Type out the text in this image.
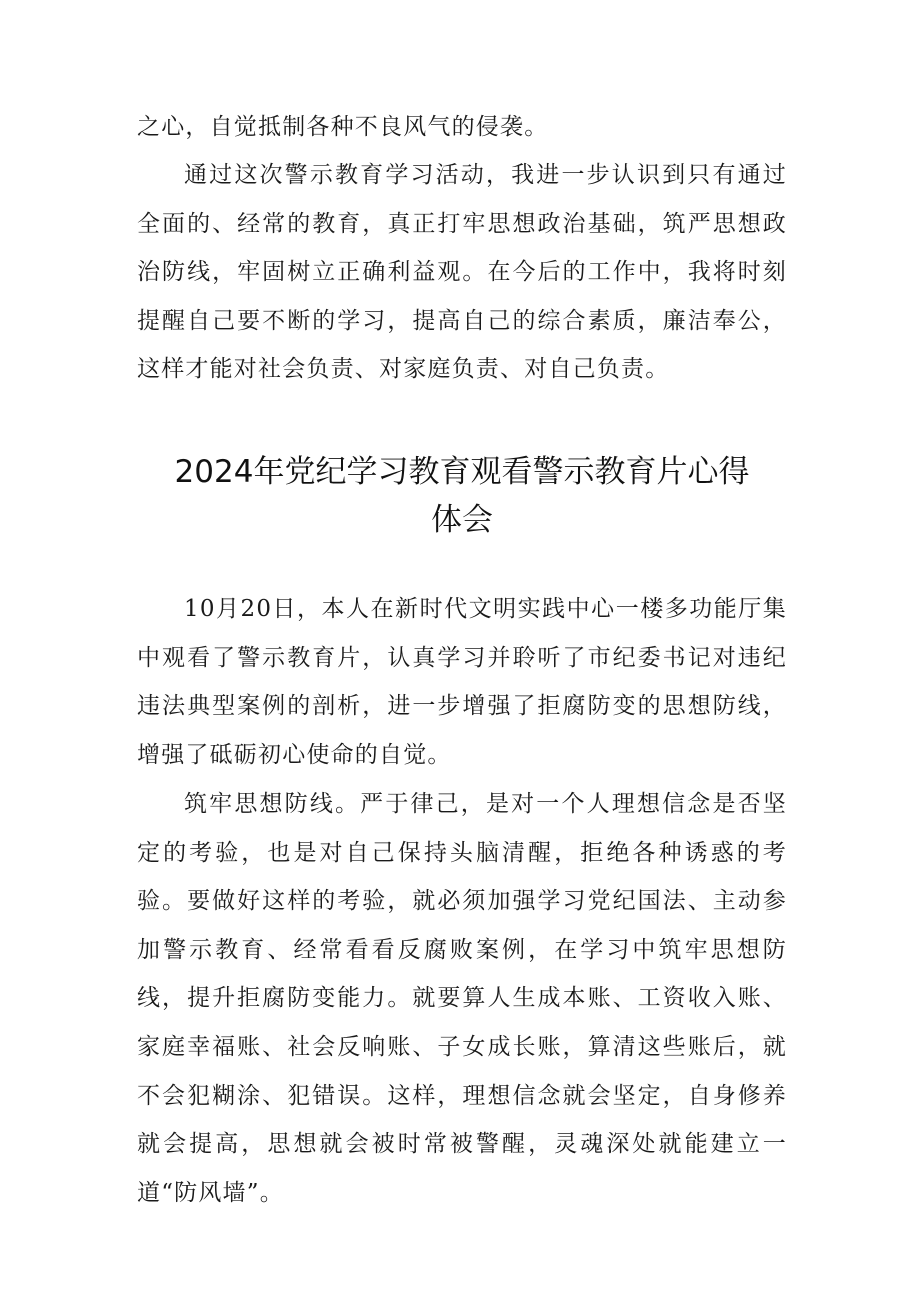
之心，自觉抵制各种不良风气的侵袭。

通过这次警示教育学习活动，我进一步认识到只有通过全面的、经常的教育，真正打牢思想政治基础，筑严思想政治防线，牢固树立正确利益观。在今后的工作中，我将时刻提醒自己要不断的学习，提高自己的综合素质，廉洁奉公，这样才能对社会负责、对家庭负责、对自己负责。

2024年党纪学习教育观看警示教育片心得
体会

10月20日，本人在新时代文明实践中心一楼多功能厅集中观看了警示教育片，认真学习并聆听了市纪委书记对违纪违法典型案例的剖析，进一步增强了拒腐防变的思想防线，增强了砥砺初心使命的自觉。

筑牢思想防线。严于律己，是对一个人理想信念是否坚定的考验，也是对自己保持头脑清醒，拒绝各种诱惑的考验。要做好这样的考验，就必须加强学习党纪国法、主动参加警示教育、经常看看反腐败案例，在学习中筑牢思想防线，提升拒腐防变能力。就要算人生成本账、工资收入账、家庭幸福账、社会反响账、子女成长账，算清这些账后，就不会犯糊涂、犯错误。这样，理想信念就会坚定，自身修养就会提高，思想就会被时常被警醒，灵魂深处就能建立一道“防风墙”。
